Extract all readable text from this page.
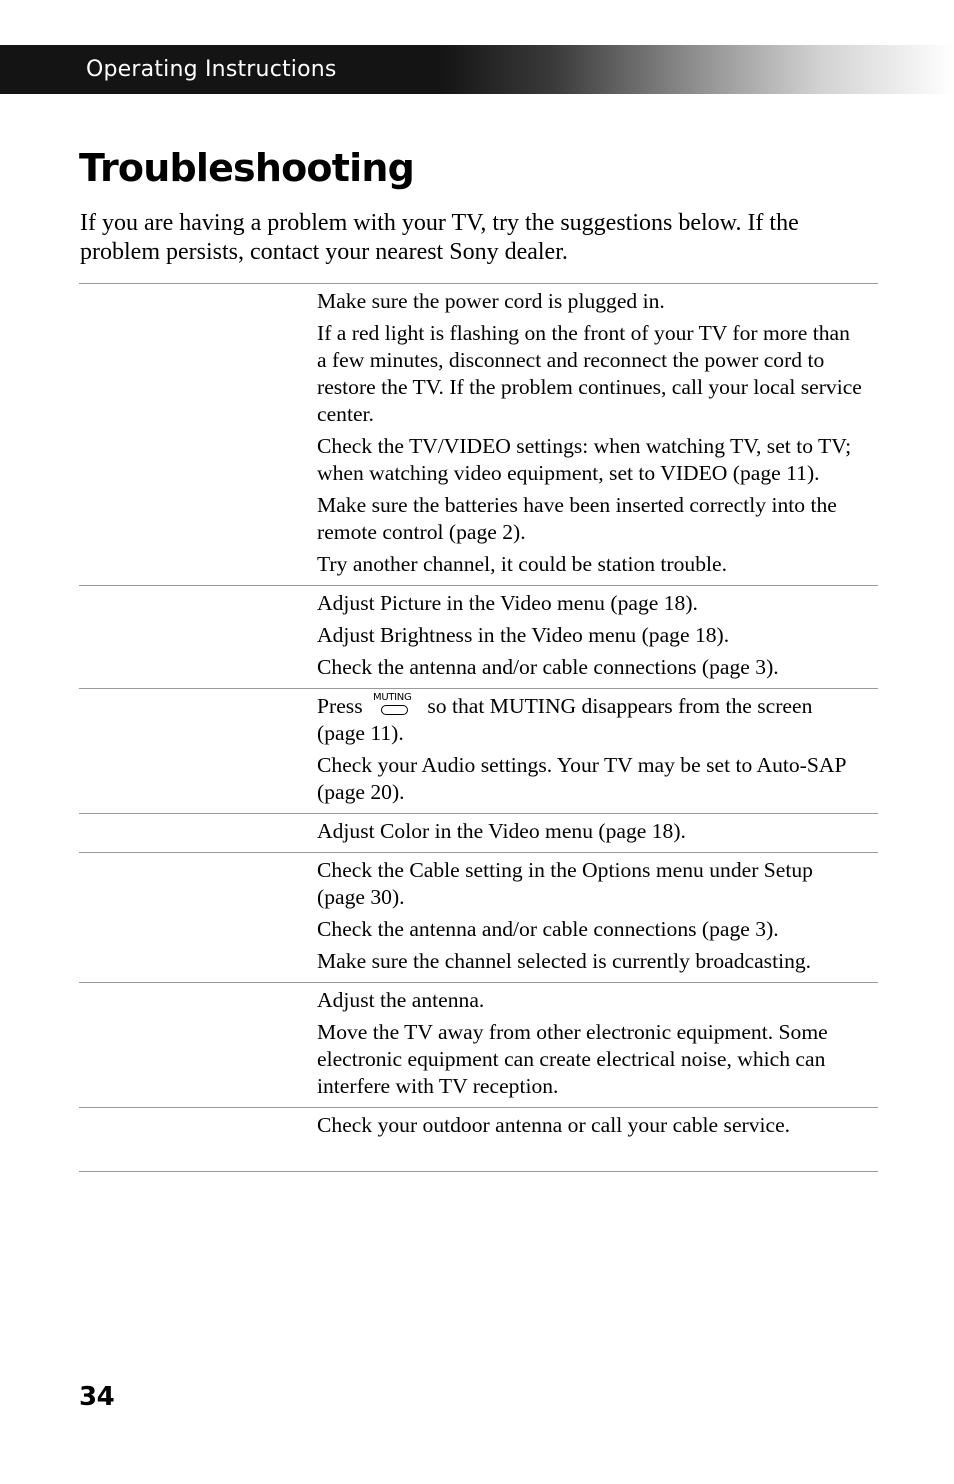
Operating Instructions
Troubleshooting

If you are having a problem with your TV, try the suggestions below. If the problem persists, contact your nearest Sony dealer.

Make sure the power cord is plugged in.
If a red light is flashing on the front of your TV for more than a few minutes, disconnect and reconnect the power cord to restore the TV. If the problem continues, call your local service center.
Check the TV/VIDEO settings: when watching TV, set to TV; when watching video equipment, set to VIDEO (page 11).
Make sure the batteries have been inserted correctly into the remote control (page 2).
Try another channel, it could be station trouble.
Adjust Picture in the Video menu (page 18).
Adjust Brightness in the Video menu (page 18).
Check the antenna and/or cable connections (page 3).
Press MUTING so that MUTING disappears from the screen (page 11).
Check your Audio settings. Your TV may be set to Auto-SAP (page 20).
Adjust Color in the Video menu (page 18).
Check the Cable setting in the Options menu under Setup (page 30).
Check the antenna and/or cable connections (page 3).
Make sure the channel selected is currently broadcasting.
Adjust the antenna.
Move the TV away from other electronic equipment. Some electronic equipment can create electrical noise, which can interfere with TV reception.
Check your outdoor antenna or call your cable service.
34
